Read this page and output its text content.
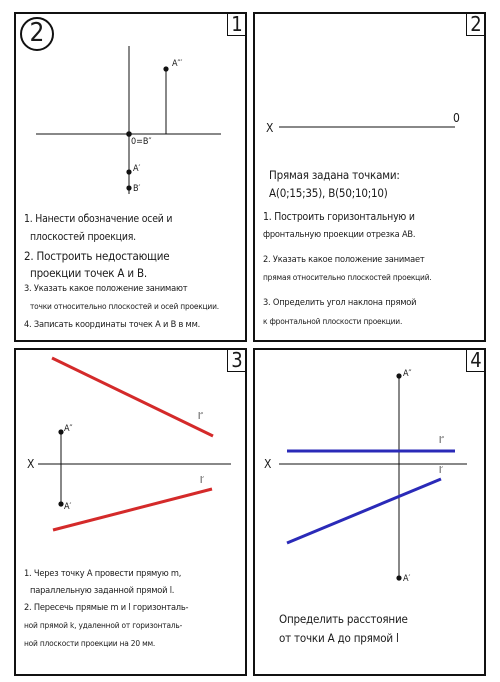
2	1
A″′
0=B″
A′
B′
1. Нанести обозначение осей и
плоскостей проекция.
2. Построить недостающие
проекции точек А и В.
3. Указать какое положение занимают
точки относительно плоскостей и осей проекции.
4. Записать координаты точек А и В в мм.
2
X
0
Прямая задана точками:
А(0;15;35), В(50;10;10)
1. Построить горизонтальную и
фронтальную проекции отрезка АВ.
2. Указать какое положение занимает
прямая относительно плоскостей проекций.
3. Определить угол наклона прямой
к фронтальной плоскости проекции.
3
X
A″
A′
l″
l′
1. Через точку А провести прямую m,
параллельную заданной прямой l.
2. Пересечь прямые m и l горизонталь-
ной прямой k, удаленной от горизонталь-
ной плоскости проекции на 20 мм.
4
X
A″
A′
l″
l′
Определить расстояние
от точки А до прямой l
